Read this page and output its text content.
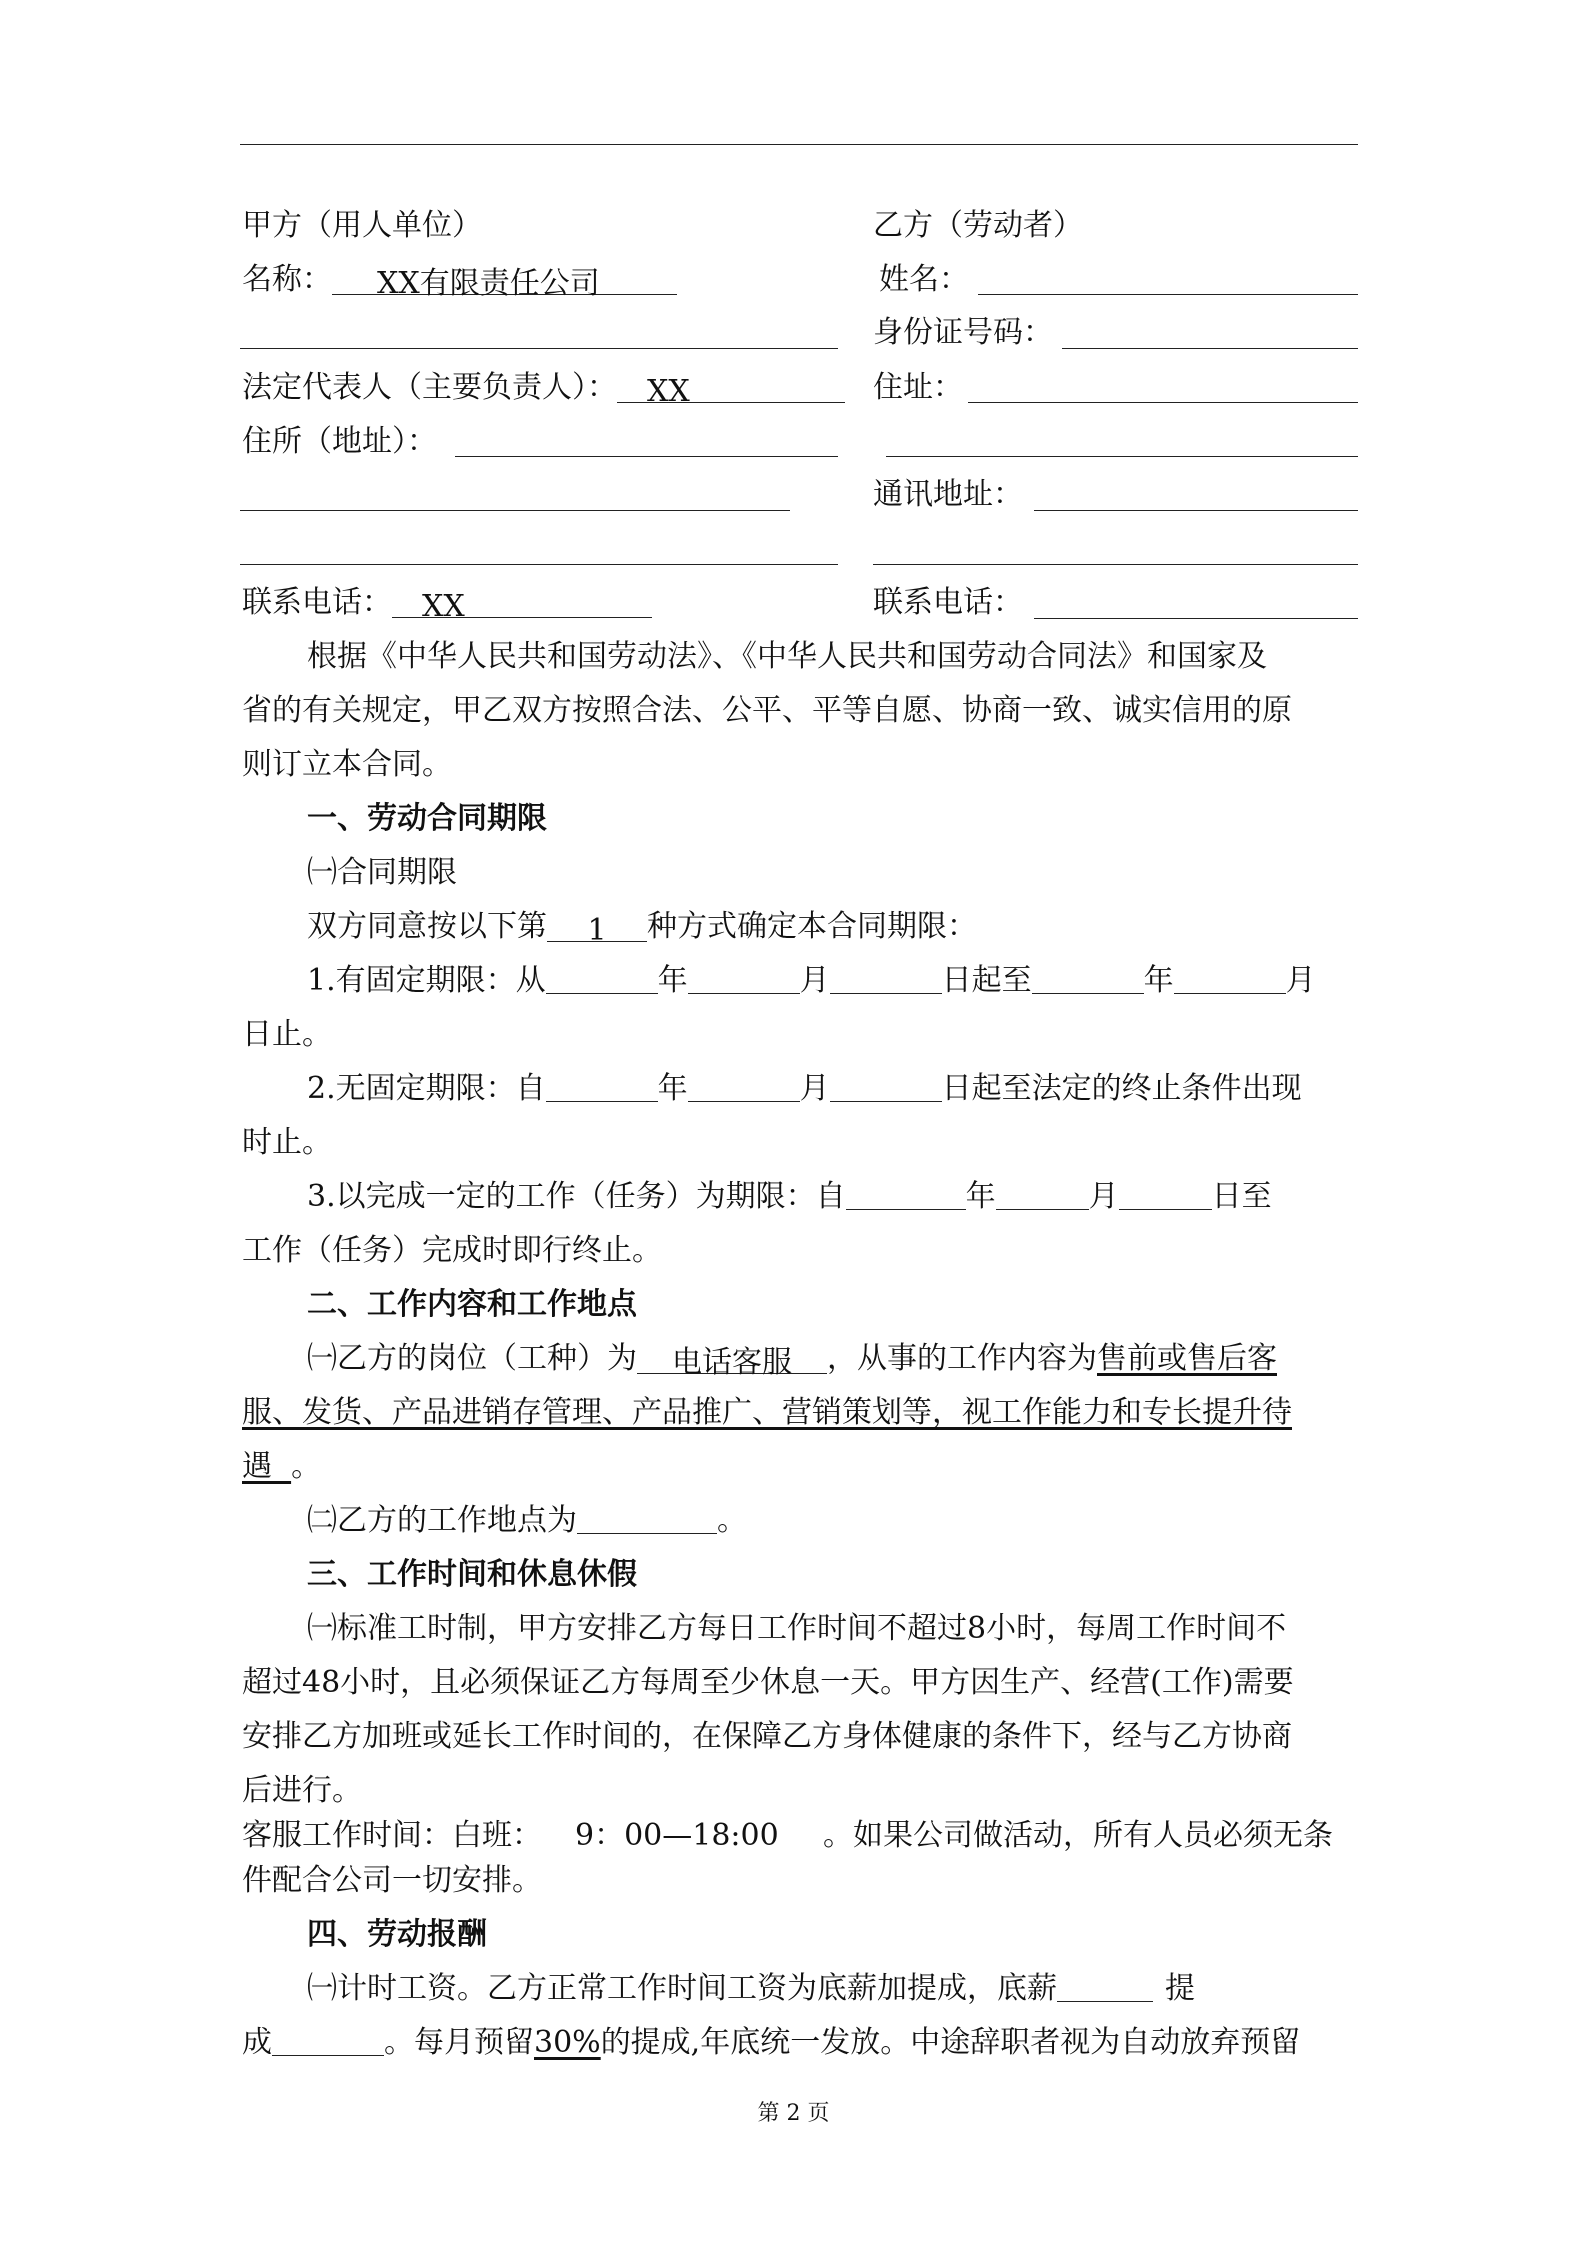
甲方（用人单位）	乙方（劳动者）
名称： XX有限责任公司	姓名：
身份证号码：
法定代表人（主要负责人）： XX	住址：
住所（地址）：
通讯地址：
联系电话： XX	联系电话：
根据《中华人民共和国劳动法》、《中华人民共和国劳动合同法》和国家及
省的有关规定，甲乙双方按照合法、公平、平等自愿、协商一致、诚实信用的原
则订立本合同。
一、劳动合同期限
㈠合同期限
双方同意按以下第 1 种方式确定本合同期限：
1.有固定期限：从	年	月	日起至	年	月
日止。
2.无固定期限：自	年	月	日起至法定的终止条件出现
时止。
3.以完成一定的工作（任务）为期限：自	年	月	日至
工作（任务）完成时即行终止。
二、工作内容和工作地点
㈠乙方的岗位（工种）为 电话客服 ，从事的工作内容为售前或售后客
服、发货、产品进销存管理、产品推广、营销策划等，视工作能力和专长提升待
遇 。
㈡乙方的工作地点为	。
三、工作时间和休息休假
㈠标准工时制，甲方安排乙方每日工作时间不超过8小时，每周工作时间不
超过48小时，且必须保证乙方每周至少休息一天。甲方因生产、经营(工作)需要
安排乙方加班或延长工作时间的，在保障乙方身体健康的条件下，经与乙方协商
后进行。
客服工作时间：白班： 9：00—18:00 。如果公司做活动，所有人员必须无条
件配合公司一切安排。
四、劳动报酬
㈠计时工资。乙方正常工作时间工资为底薪加提成，底薪	提
成	。每月预留30%的提成,年底统一发放。中途辞职者视为自动放弃预留
第 2 页
